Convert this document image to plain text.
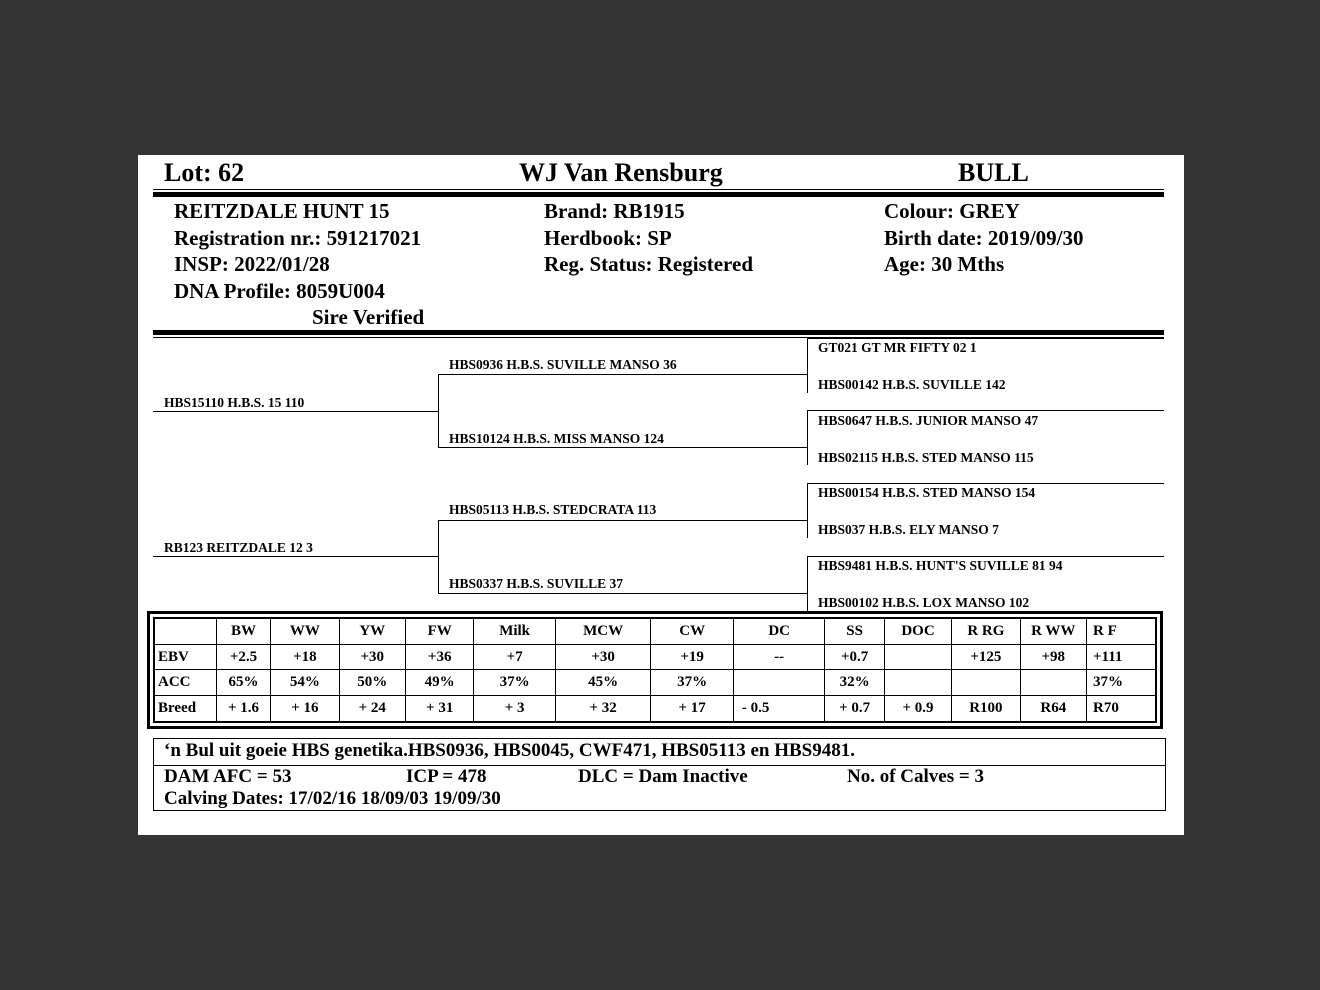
Lot: 62	WJ Van Rensburg	BULL
REITZDALE HUNT 15
Registration nr.: 591217021
INSP: 2022/01/28
DNA Profile: 8059U004
Sire Verified
Brand: RB1915
Herdbook: SP
Reg. Status: Registered
Colour: GREY
Birth date: 2019/09/30
Age: 30 Mths
HBS15110 H.B.S. 15 110
RB123 REITZDALE 12 3
HBS0936 H.B.S. SUVILLE MANSO 36
HBS10124 H.B.S. MISS MANSO 124
HBS05113 H.B.S. STEDCRATA 113
HBS0337 H.B.S. SUVILLE 37
GT021 GT MR FIFTY 02 1
HBS00142 H.B.S. SUVILLE 142
HBS0647 H.B.S. JUNIOR MANSO 47
HBS02115 H.B.S. STED MANSO 115
HBS00154 H.B.S. STED MANSO 154
HBS037 H.B.S. ELY MANSO 7
HBS9481 H.B.S. HUNT'S SUVILLE 81 94
HBS00102 H.B.S. LOX MANSO 102
	BW	WW	YW	FW	Milk	MCW	CW	DC	SS	DOC	R RG	R WW	R F
EBV	+2.5	+18	+30	+36	+7	+30	+19	--	+0.7		+125	+98	+111
ACC	65%	54%	50%	49%	37%	45%	37%		32%				37%
Breed	+ 1.6	+ 16	+ 24	+ 31	+ 3	+ 32	+ 17	- 0.5	+ 0.7	+ 0.9	R100	R64	R70
‘n Bul uit goeie HBS genetika.HBS0936, HBS0045, CWF471, HBS05113 en HBS9481.
DAM AFC = 53	ICP = 478	DLC = Dam Inactive	No. of Calves = 3
Calving Dates: 17/02/16 18/09/03 19/09/30
